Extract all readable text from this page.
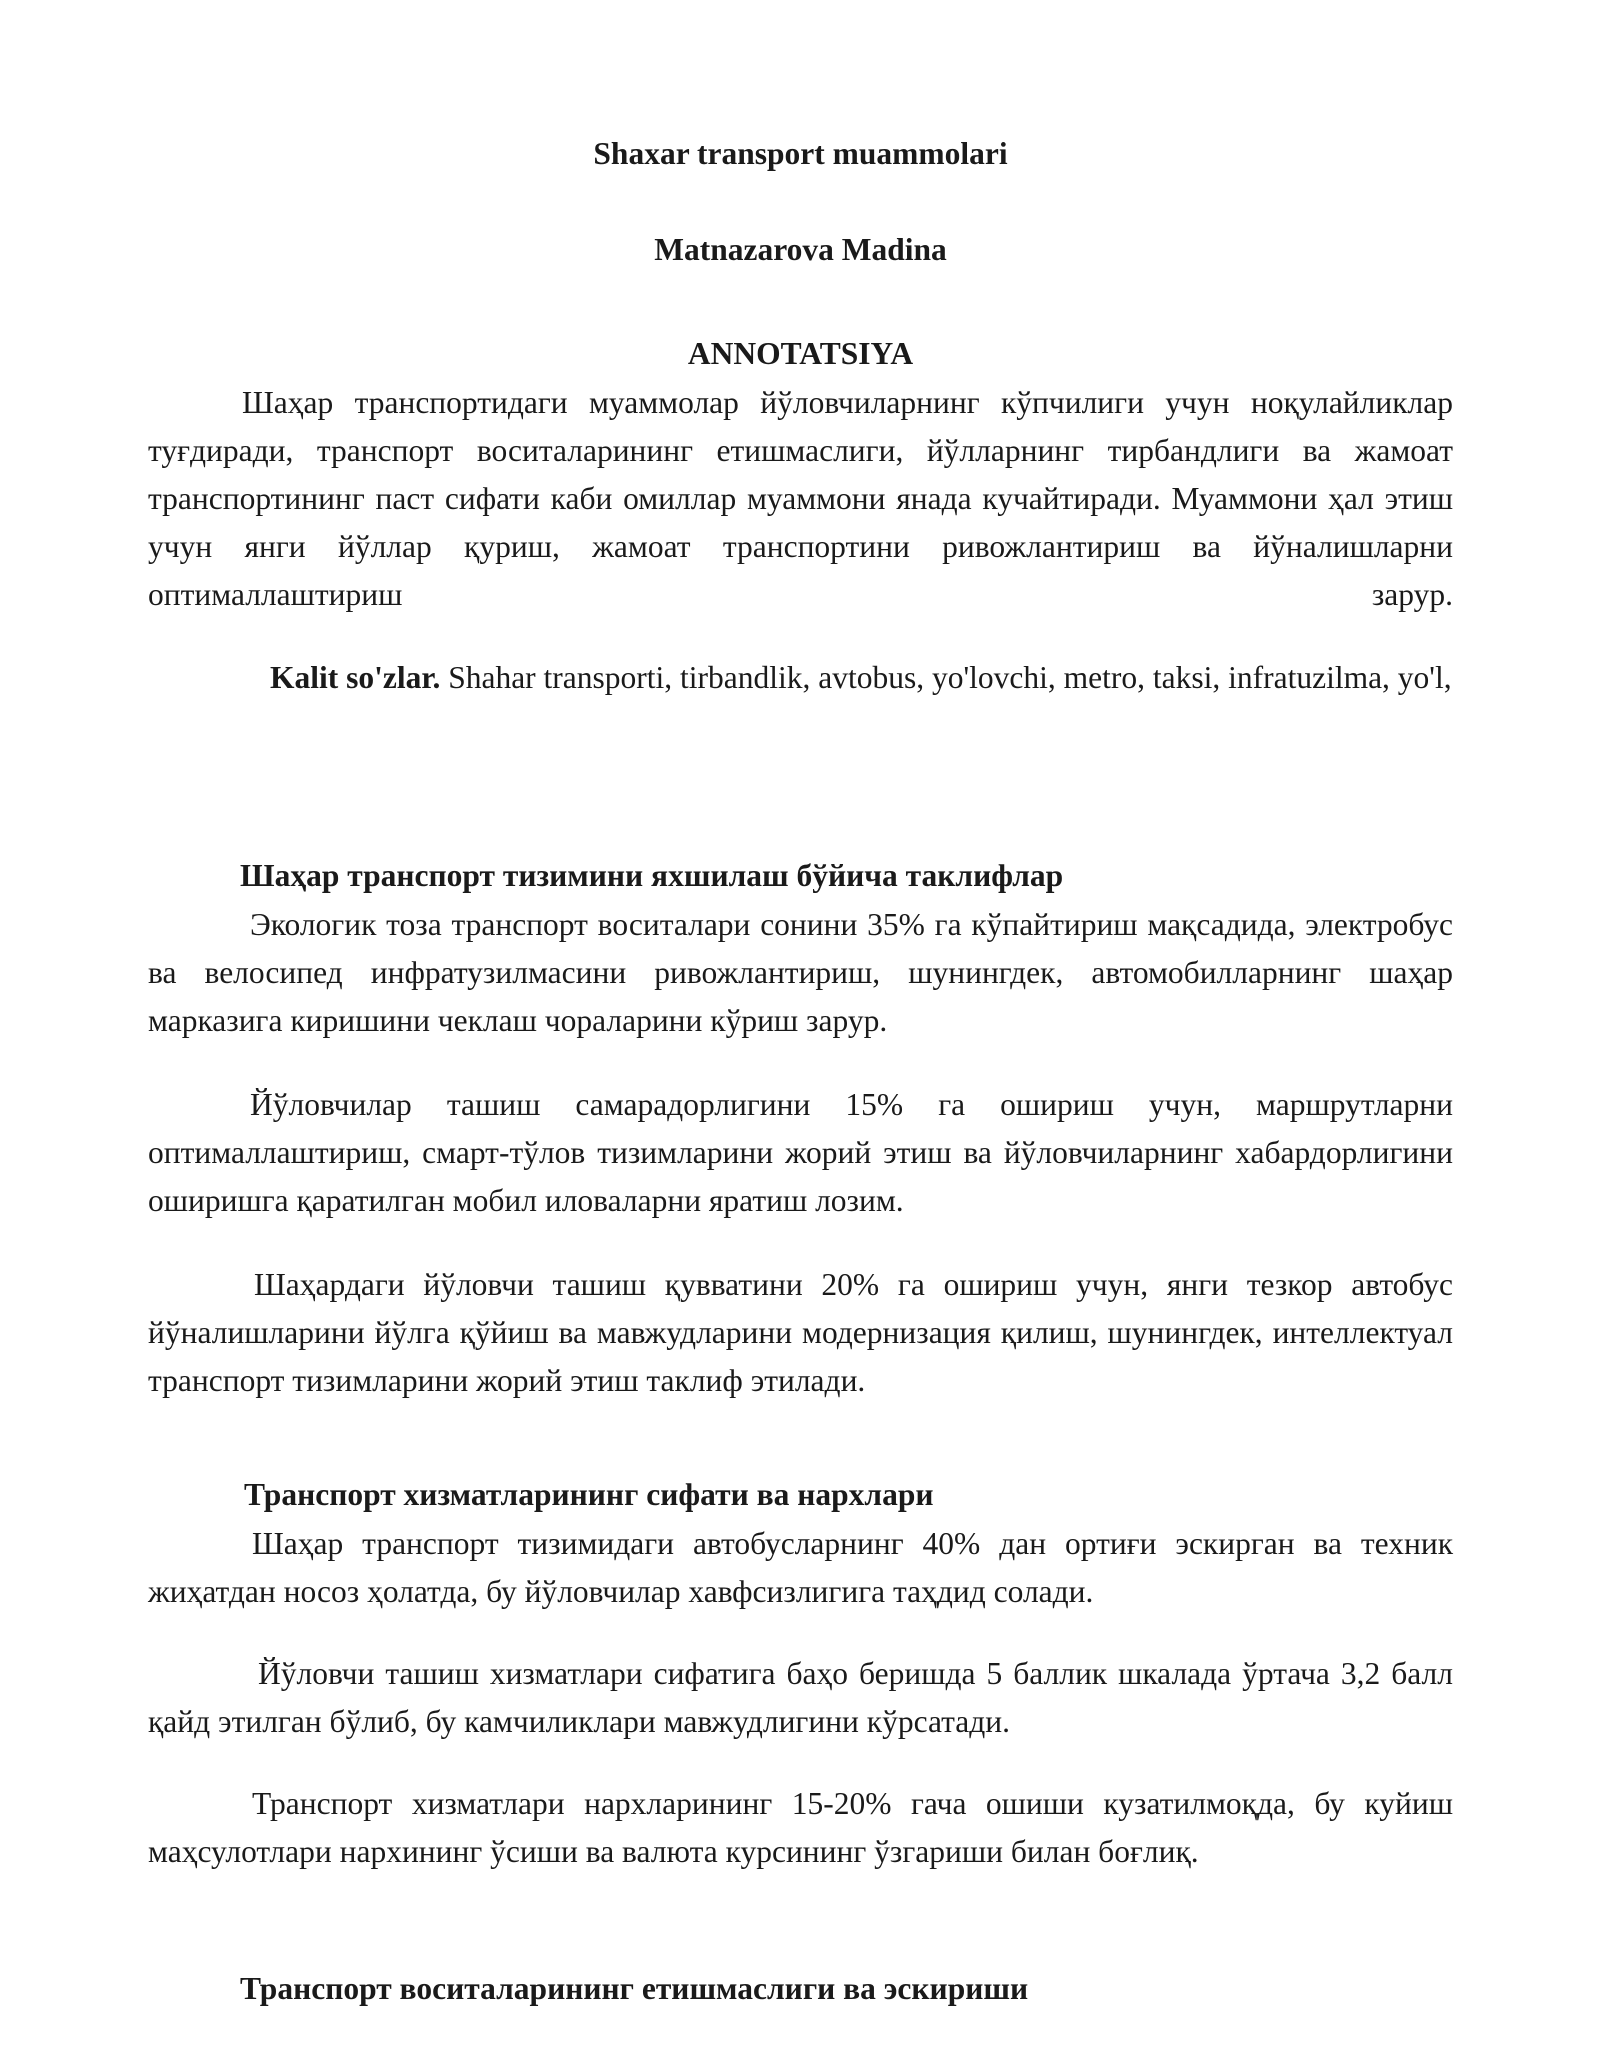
Shaxar transport muammolari
Matnazarova Madina
ANNOTATSIYA
Шаҳар транспортидаги муаммолар йўловчиларнинг кўпчилиги учун ноқулайликлар туғдиради, транспорт воситаларининг етишмаслиги, йўлларнинг тирбандлиги ва жамоат транспортининг паст сифати каби омиллар муаммони янада кучайтиради. Муаммони ҳал этиш учун янги йўллар қуриш, жамоат транспортини ривожлантириш ва йўналишларни оптималлаштириш зарур.
Kalit so'zlar. Shahar transporti, tirbandlik, avtobus, yo'lovchi, metro, taksi, infratuzilma, yo'l,
Шаҳар транспорт тизимини яхшилаш бўйича таклифлар
Экологик тоза транспорт воситалари сонини 35% га кўпайтириш мақсадида, электробус ва велосипед инфратузилмасини ривожлантириш, шунингдек, автомобилларнинг шаҳар марказига киришини чеклаш чораларини кўриш зарур.
Йўловчилар ташиш самарадорлигини 15% га ошириш учун, маршрутларни оптималлаштириш, смарт-тўлов тизимларини жорий этиш ва йўловчиларнинг хабардорлигини оширишга қаратилган мобил иловаларни яратиш лозим.
Шаҳардаги йўловчи ташиш қувватини 20% га ошириш учун, янги тезкор автобус йўналишларини йўлга қўйиш ва мавжудларини модернизация қилиш, шунингдек, интеллектуал транспорт тизимларини жорий этиш таклиф этилади.
Транспорт хизматларининг сифати ва нархлари
Шаҳар транспорт тизимидаги автобусларнинг 40% дан ортиғи эскирган ва техник жиҳатдан носоз ҳолатда, бу йўловчилар хавфсизлигига таҳдид солади.
Йўловчи ташиш хизматлари сифатига баҳо беришда 5 баллик шкалада ўртача 3,2 балл қайд этилган бўлиб, бу камчиликлари мавжудлигини кўрсатади.
Транспорт хизматлари нархларининг 15-20% гача ошиши кузатилмоқда, бу куйиш маҳсулотлари нархининг ўсиши ва валюта курсининг ўзгариши билан боғлиқ.
Транспорт воситаларининг етишмаслиги ва эскириши
